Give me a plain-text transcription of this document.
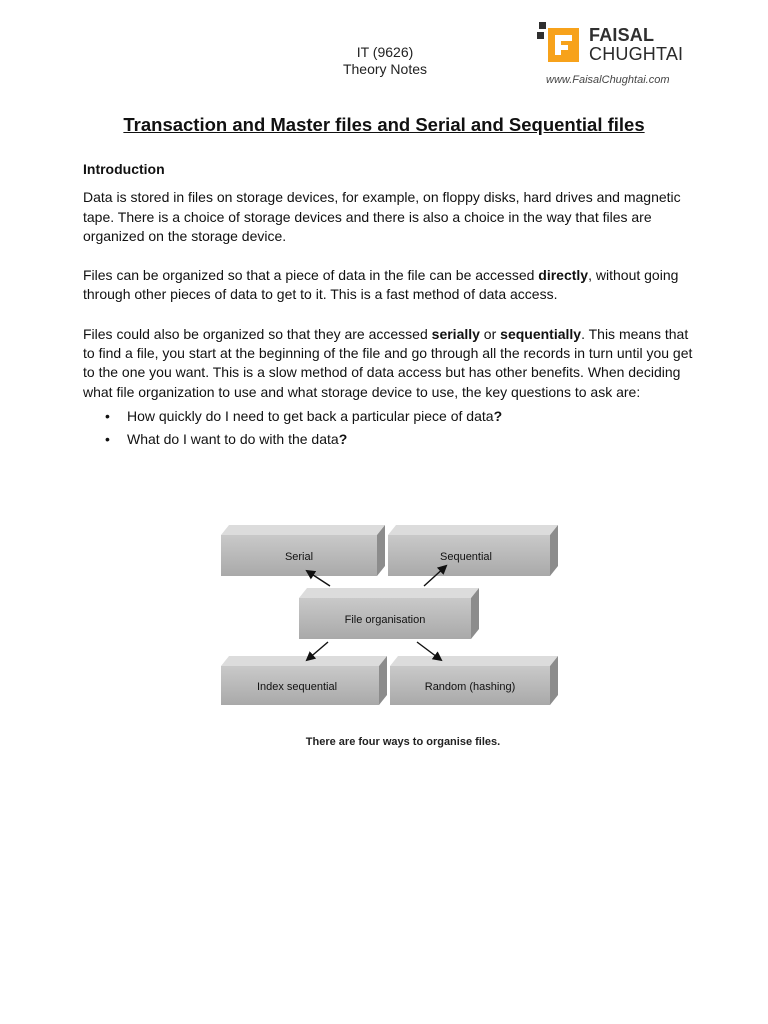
IT (9626)
Theory Notes
FAISAL
CHUGHTAI
www.FaisalChughtai.com
Transaction and Master files and Serial and Sequential files
Introduction

Data is stored in files on storage devices, for example, on floppy disks, hard drives and magnetic tape. There is a choice of storage devices and there is also a choice in the way that files are organized on the storage device.

Files can be organized so that a piece of data in the file can be accessed directly, without going through other pieces of data to get to it. This is a fast method of data access.

Files could also be organized so that they are accessed serially or sequentially. This means that to find a file, you start at the beginning of the file and go through all the records in turn until you get to the one you want. This is a slow method of data access but has other benefits. When deciding what file organization to use and what storage device to use, the key questions to ask are:

• How quickly do I need to get back a particular piece of data?
• What do I want to do with the data?
Serial	Sequential
File organisation
Index sequential	Random (hashing)
There are four ways to organise files.
